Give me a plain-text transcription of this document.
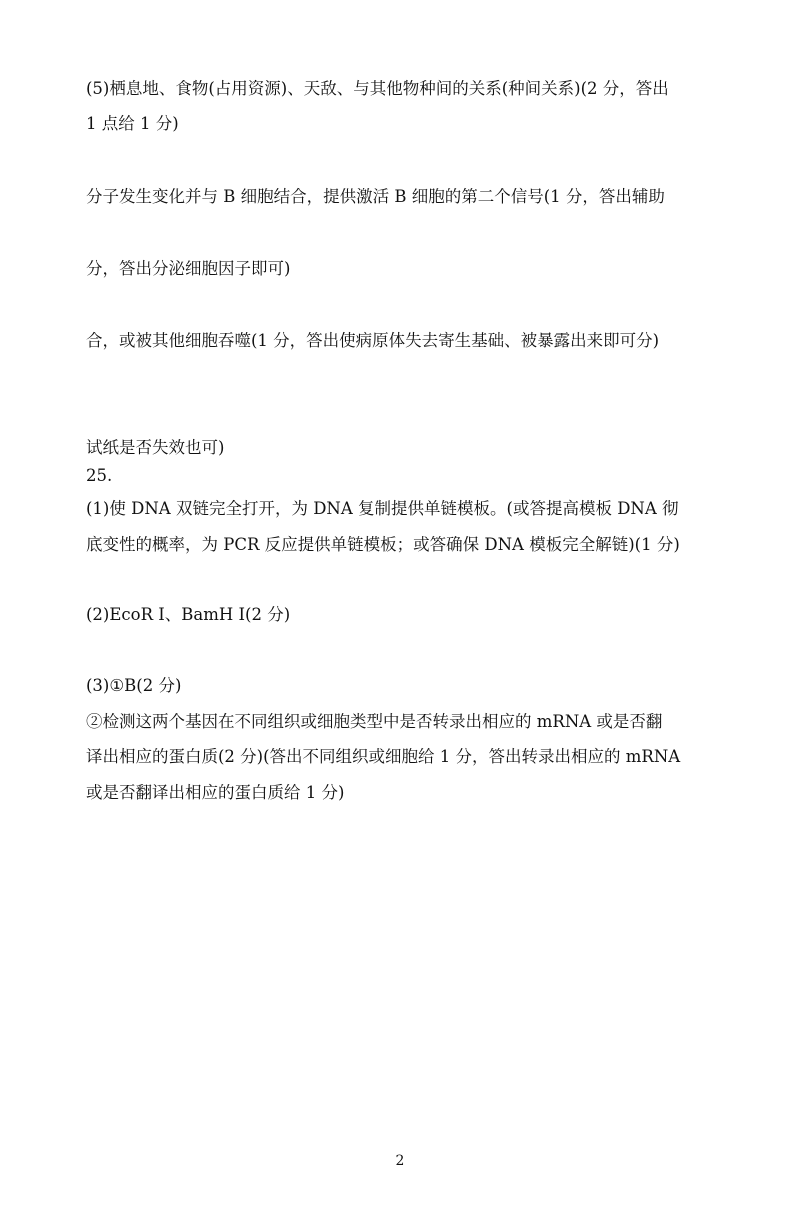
(5)栖息地、食物(占用资源)、天敌、与其他物种间的关系(种间关系)(2 分，答出
1 点给 1 分)
分子发生变化并与 B 细胞结合，提供激活 B 细胞的第二个信号(1 分，答出辅助
分，答出分泌细胞因子即可)
合，或被其他细胞吞噬(1 分，答出使病原体失去寄生基础、被暴露出来即可分)
试纸是否失效也可)
25.
(1)使 DNA 双链完全打开，为 DNA 复制提供单链模板。(或答提高模板 DNA 彻
底变性的概率，为 PCR 反应提供单链模板；或答确保 DNA 模板完全解链)(1 分)
(2)EcoR I、BamH I(2 分)
(3)①B(2 分)
②检测这两个基因在不同组织或细胞类型中是否转录出相应的 mRNA 或是否翻
译出相应的蛋白质(2 分)(答出不同组织或细胞给 1 分，答出转录出相应的 mRNA
或是否翻译出相应的蛋白质给 1 分)
2
